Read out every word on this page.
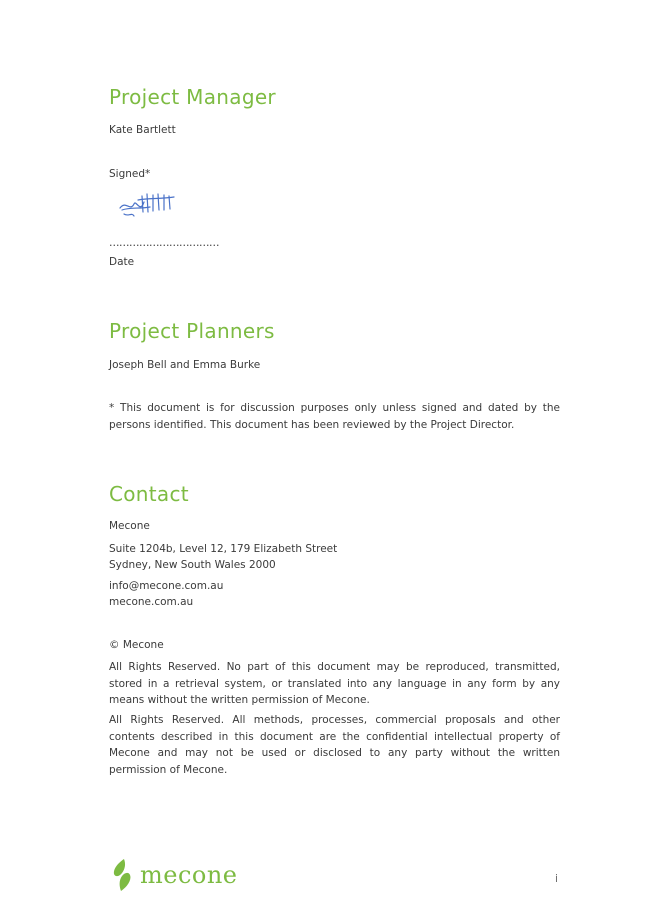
Project Manager
Kate Bartlett
Signed*
……………………………
Date
Project Planners
Joseph Bell and Emma Burke
* This document is for discussion purposes only unless signed and dated by the persons identified. This document has been reviewed by the Project Director.
Contact
Mecone
Suite 1204b, Level 12, 179 Elizabeth Street
Sydney, New South Wales 2000
info@mecone.com.au
mecone.com.au
© Mecone
All Rights Reserved. No part of this document may be reproduced, transmitted, stored in a retrieval system, or translated into any language in any form by any means without the written permission of Mecone.
All Rights Reserved. All methods, processes, commercial proposals and other contents described in this document are the confidential intellectual property of Mecone and may not be used or disclosed to any party without the written permission of Mecone.
mecone	i
